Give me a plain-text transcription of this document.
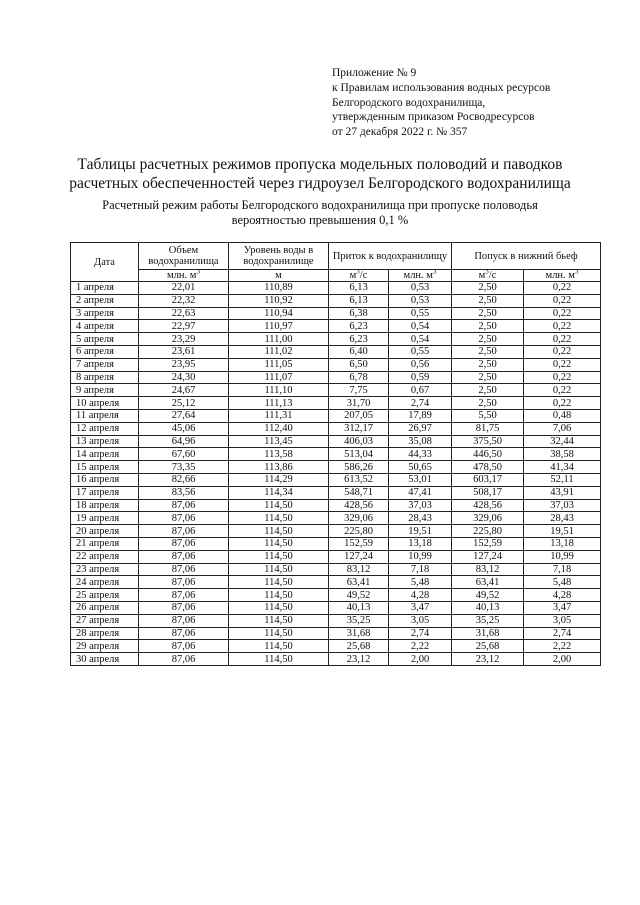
Приложение № 9
к Правилам использования водных ресурсов
Белгородского водохранилища,
утвержденным приказом Росводресурсов
от 27 декабря 2022 г. № 357
Таблицы расчетных режимов пропуска модельных половодий и паводков
расчетных обеспеченностей через гидроузел Белгородского водохранилища
Расчетный режим работы Белгородского водохранилища при пропуске половодья
вероятностью превышения 0,1 %
Дата	Объем водохранилища	Уровень воды в водохранилище	Приток к водохранилищу		Попуск в нижний бьеф	
	млн. $м^3$	м	$м^3/с$	млн. $м^3$	$м^3/с$	млн. $м^3$
1 апреля	22,01	110,89	6,13	0,53	2,50	0,22
2 апреля	22,32	110,92	6,13	0,53	2,50	0,22
3 апреля	22,63	110,94	6,38	0,55	2,50	0,22
4 апреля	22,97	110,97	6,23	0,54	2,50	0,22
5 апреля	23,29	111,00	6,23	0,54	2,50	0,22
6 апреля	23,61	111,02	6,40	0,55	2,50	0,22
7 апреля	23,95	111,05	6,50	0,56	2,50	0,22
8 апреля	24,30	111,07	6,78	0,59	2,50	0,22
9 апреля	24,67	111,10	7,75	0,67	2,50	0,22
10 апреля	25,12	111,13	31,70	2,74	2,50	0,22
11 апреля	27,64	111,31	207,05	17,89	5,50	0,48
12 апреля	45,06	112,40	312,17	26,97	81,75	7,06
13 апреля	64,96	113,45	406,03	35,08	375,50	32,44
14 апреля	67,60	113,58	513,04	44,33	446,50	38,58
15 апреля	73,35	113,86	586,26	50,65	478,50	41,34
16 апреля	82,66	114,29	613,52	53,01	603,17	52,11
17 апреля	83,56	114,34	548,71	47,41	508,17	43,91
18 апреля	87,06	114,50	428,56	37,03	428,56	37,03
19 апреля	87,06	114,50	329,06	28,43	329,06	28,43
20 апреля	87,06	114,50	225,80	19,51	225,80	19,51
21 апреля	87,06	114,50	152,59	13,18	152,59	13,18
22 апреля	87,06	114,50	127,24	10,99	127,24	10,99
23 апреля	87,06	114,50	83,12	7,18	83,12	7,18
24 апреля	87,06	114,50	63,41	5,48	63,41	5,48
25 апреля	87,06	114,50	49,52	4,28	49,52	4,28
26 апреля	87,06	114,50	40,13	3,47	40,13	3,47
27 апреля	87,06	114,50	35,25	3,05	35,25	3,05
28 апреля	87,06	114,50	31,68	2,74	31,68	2,74
29 апреля	87,06	114,50	25,68	2,22	25,68	2,22
30 апреля	87,06	114,50	23,12	2,00	23,12	2,00
